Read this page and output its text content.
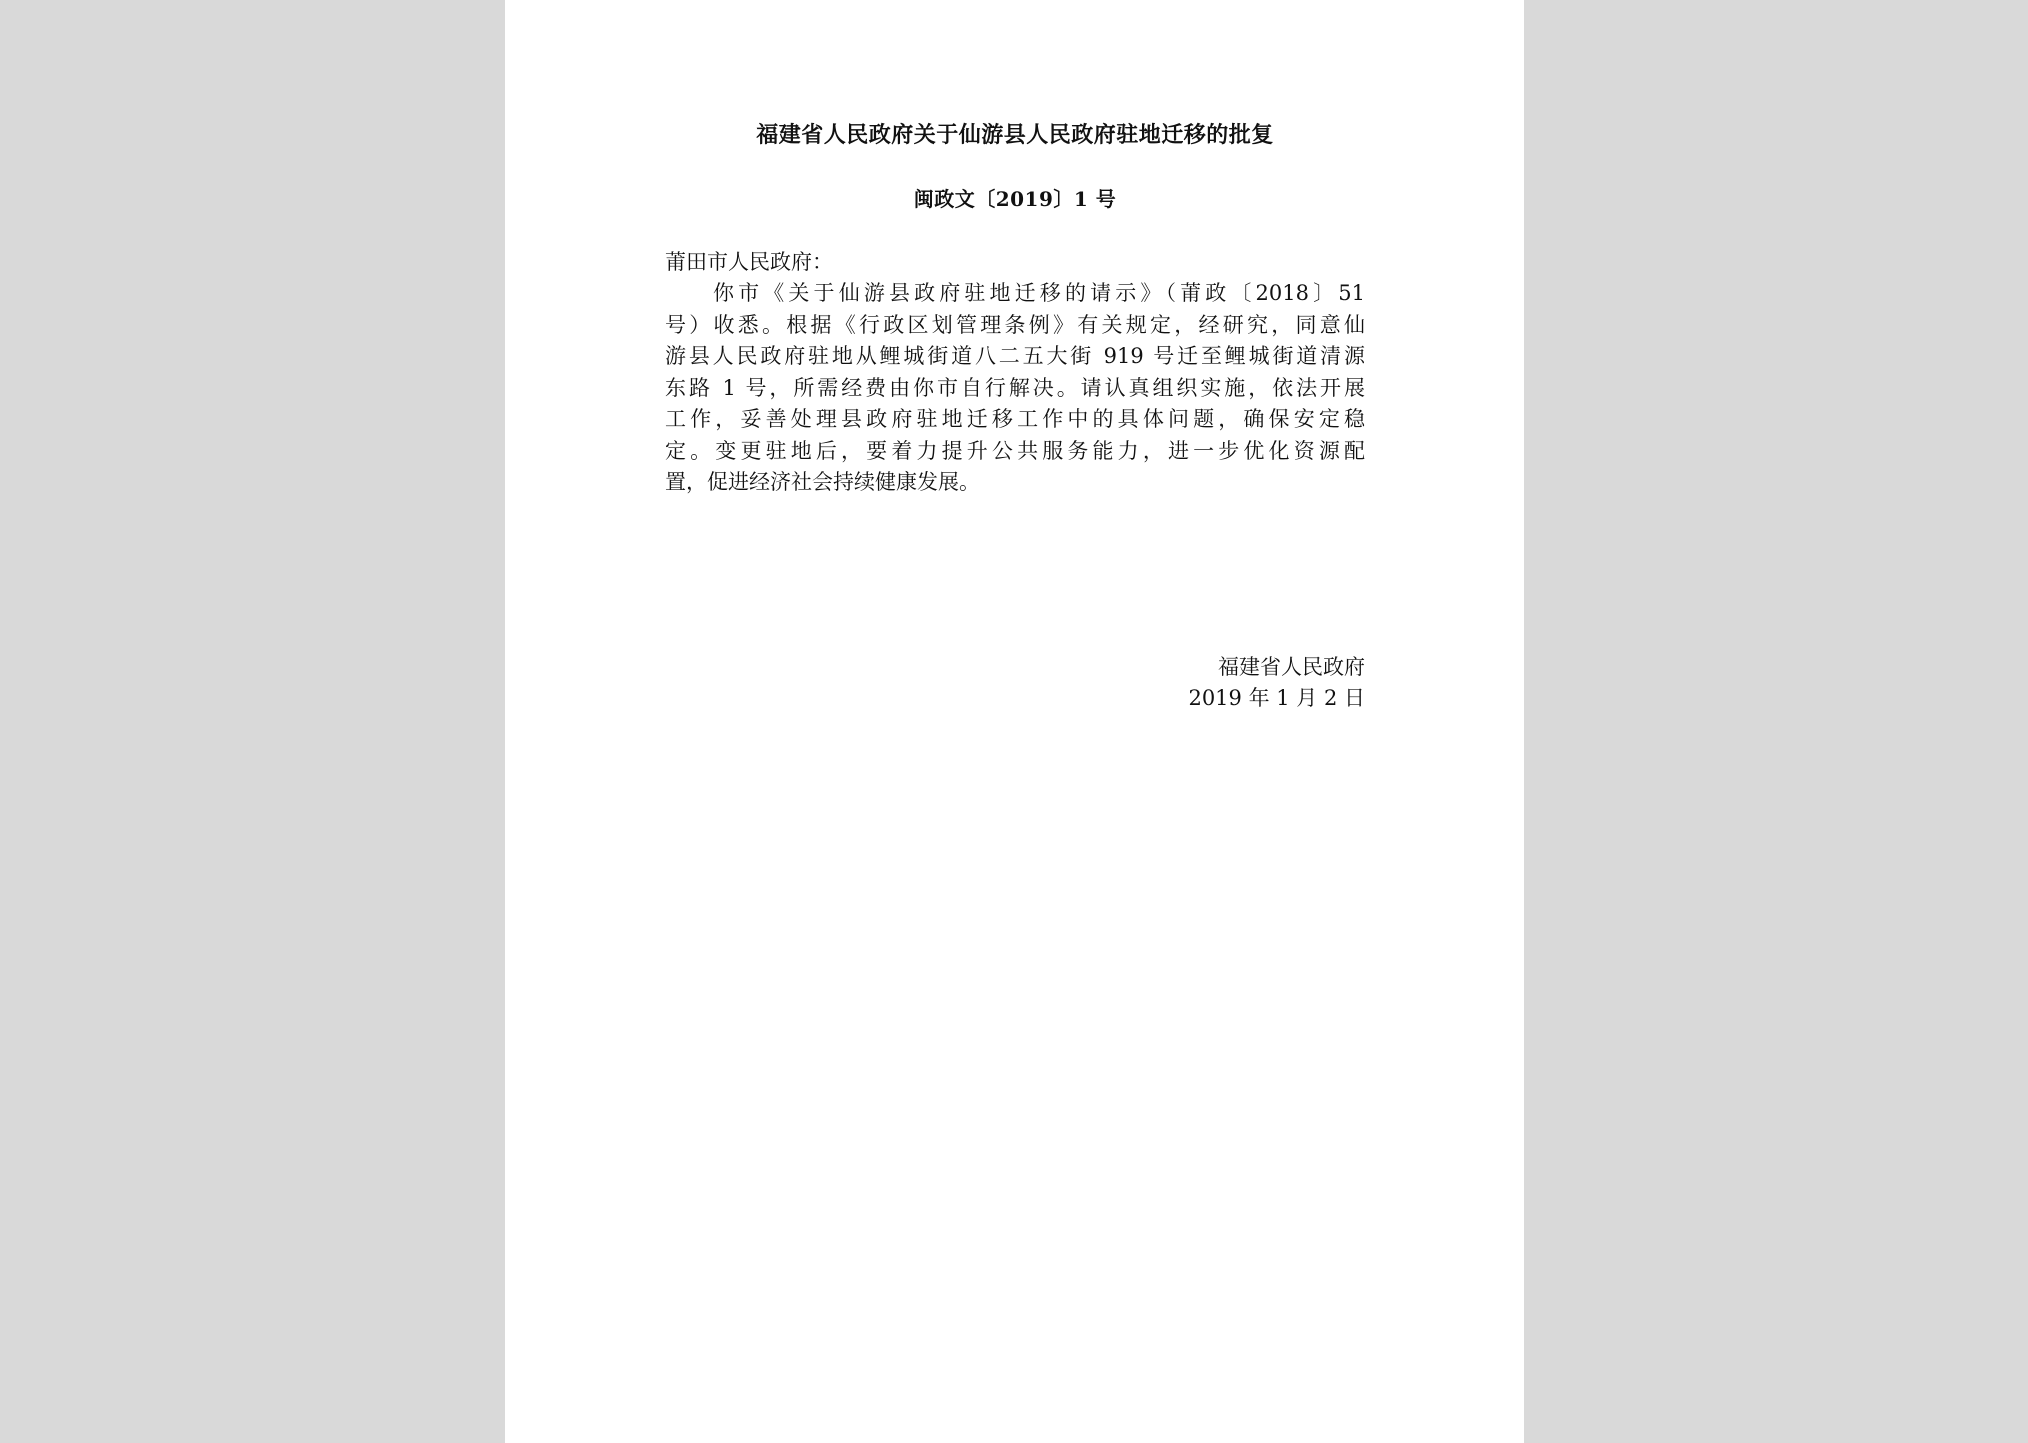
福建省人民政府关于仙游县人民政府驻地迁移的批复
闽政文〔2019〕1 号
莆田市人民政府：
你市《关于仙游县政府驻地迁移的请示》（莆政〔2018〕51
号）收悉。根据《行政区划管理条例》有关规定，经研究，同意仙
游县人民政府驻地从鲤城街道八二五大街 919 号迁至鲤城街道清源
东路 1 号，所需经费由你市自行解决。请认真组织实施，依法开展
工作，妥善处理县政府驻地迁移工作中的具体问题，确保安定稳
定。变更驻地后，要着力提升公共服务能力，进一步优化资源配
置，促进经济社会持续健康发展。
福建省人民政府
2019 年 1 月 2 日
